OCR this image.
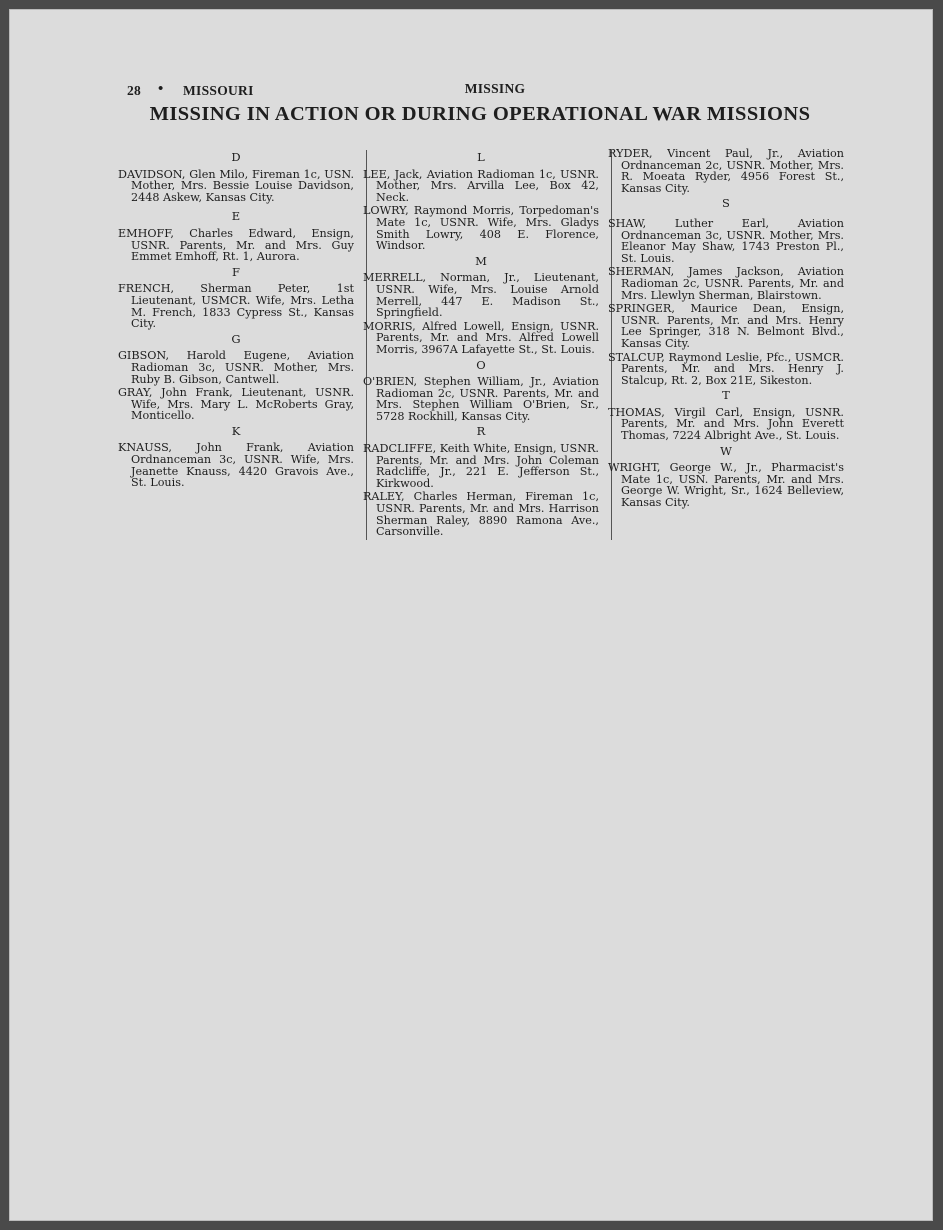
28 • MISSOURI	MISSING
MISSING IN ACTION OR DURING OPERATIONAL WAR MISSIONS
D
DAVIDSON, Glen Milo, Fireman 1c, USN. Mother, Mrs. Bessie Louise Davidson, 2448 Askew, Kansas City.
E
EMHOFF, Charles Edward, Ensign, USNR. Parents, Mr. and Mrs. Guy Emmet Emhoff, Rt. 1, Aurora.
F
FRENCH, Sherman Peter, 1st Lieutenant, USMCR. Wife, Mrs. Letha M. French, 1833 Cypress St., Kansas City.
G
GIBSON, Harold Eugene, Aviation Radioman 3c, USNR. Mother, Mrs. Ruby B. Gibson, Cantwell.
GRAY, John Frank, Lieutenant, USNR. Wife, Mrs. Mary L. McRoberts Gray, Monticello.
K
KNAUSS, John Frank, Aviation Ordnanceman 3c, USNR. Wife, Mrs. Jeanette Knauss, 4420 Gravois Ave., St. Louis.
L
LEE, Jack, Aviation Radioman 1c, USNR. Mother, Mrs. Arvilla Lee, Box 42, Neck.
LOWRY, Raymond Morris, Torpedoman's Mate 1c, USNR. Wife, Mrs. Gladys Smith Lowry, 408 E. Florence, Windsor.
M
MERRELL, Norman, Jr., Lieutenant, USNR. Wife, Mrs. Louise Arnold Merrell, 447 E. Madison St., Springfield.
MORRIS, Alfred Lowell, Ensign, USNR. Parents, Mr. and Mrs. Alfred Lowell Morris, 3967A Lafayette St., St. Louis.
O
O'BRIEN, Stephen William, Jr., Aviation Radioman 2c, USNR. Parents, Mr. and Mrs. Stephen William O'Brien, Sr., 5728 Rockhill, Kansas City.
R
RADCLIFFE, Keith White, Ensign, USNR. Parents, Mr. and Mrs. John Coleman Radcliffe, Jr., 221 E. Jefferson St., Kirkwood.
RALEY, Charles Herman, Fireman 1c, USNR. Parents, Mr. and Mrs. Harrison Sherman Raley, 8890 Ramona Ave., Carsonville.
RYDER, Vincent Paul, Jr., Aviation Ordnanceman 2c, USNR. Mother, Mrs. R. Moeata Ryder, 4956 Forest St., Kansas City.
S
SHAW, Luther Earl, Aviation Ordnanceman 3c, USNR. Mother, Mrs. Eleanor May Shaw, 1743 Preston Pl., St. Louis.
SHERMAN, James Jackson, Aviation Radioman 2c, USNR. Parents, Mr. and Mrs. Llewlyn Sherman, Blairstown.
SPRINGER, Maurice Dean, Ensign, USNR. Parents, Mr. and Mrs. Henry Lee Springer, 318 N. Belmont Blvd., Kansas City.
STALCUP, Raymond Leslie, Pfc., USMCR. Parents, Mr. and Mrs. Henry J. Stalcup, Rt. 2, Box 21E, Sikeston.
T
THOMAS, Virgil Carl, Ensign, USNR. Parents, Mr. and Mrs. John Everett Thomas, 7224 Albright Ave., St. Louis.
W
WRIGHT, George W., Jr., Pharmacist's Mate 1c, USN. Parents, Mr. and Mrs. George W. Wright, Sr., 1624 Belleview, Kansas City.
